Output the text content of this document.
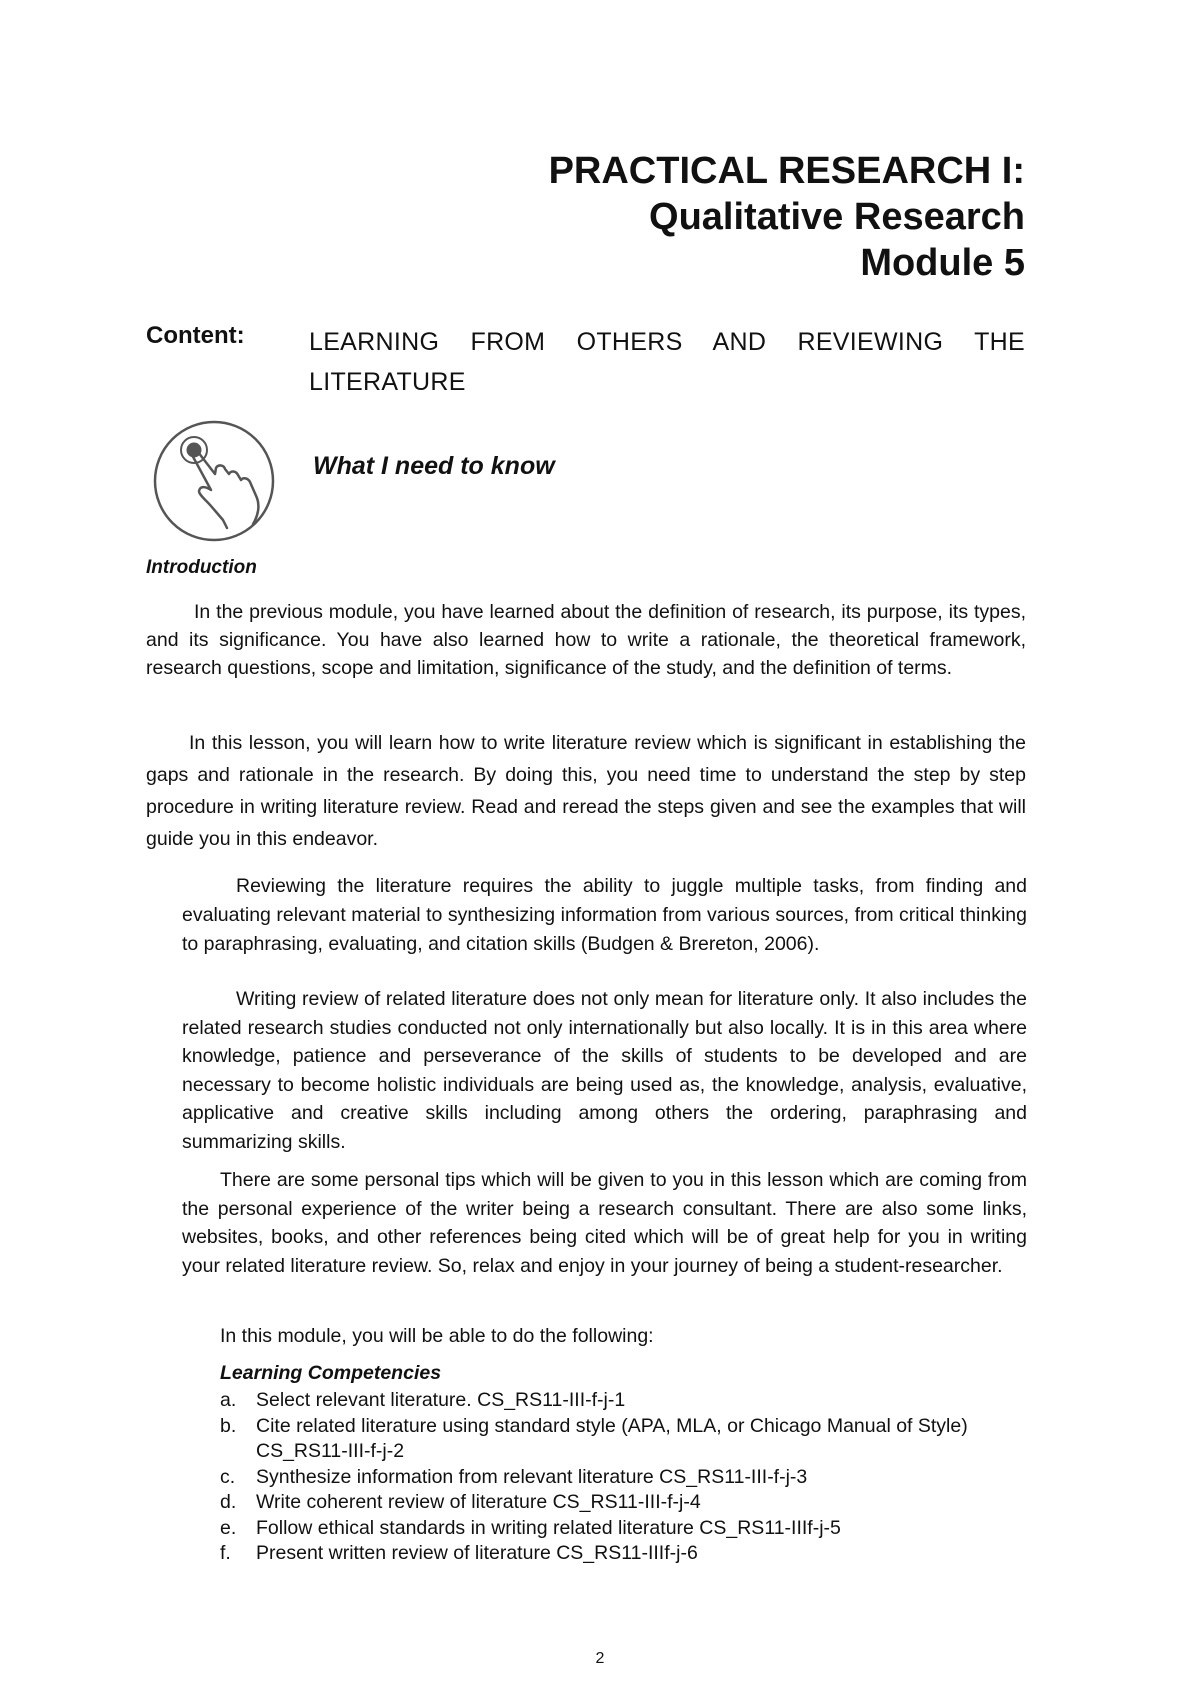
PRACTICAL RESEARCH I:
Qualitative Research
Module 5
Content:	LEARNING FROM OTHERS AND REVIEWING THE LITERATURE
What I need to know
Introduction

In the previous module, you have learned about the definition of research, its purpose, its types, and its significance. You have also learned how to write a rationale, the theoretical framework, research questions, scope and limitation, significance of the study, and the definition of terms.

In this lesson, you will learn how to write literature review which is significant in establishing the gaps and rationale in the research. By doing this, you need time to understand the step by step procedure in writing literature review. Read and reread the steps given and see the examples that will guide you in this endeavor.

Reviewing the literature requires the ability to juggle multiple tasks, from finding and evaluating relevant material to synthesizing information from various sources, from critical thinking to paraphrasing, evaluating, and citation skills (Budgen & Brereton, 2006).

Writing review of related literature does not only mean for literature only. It also includes the related research studies conducted not only internationally but also locally. It is in this area where knowledge, patience and perseverance of the skills of students to be developed and are necessary to become holistic individuals are being used as, the knowledge, analysis, evaluative, applicative and creative skills including among others the ordering, paraphrasing and summarizing skills.

There are some personal tips which will be given to you in this lesson which are coming from the personal experience of the writer being a research consultant. There are also some links, websites, books, and other references being cited which will be of great help for you in writing your related literature review. So, relax and enjoy in your journey of being a student-researcher.

In this module, you will be able to do the following:

Learning Competencies
a.	Select relevant literature. CS_RS11-III-f-j-1
b.	Cite related literature using standard style (APA, MLA, or Chicago Manual of Style) CS_RS11-III-f-j-2
c.	Synthesize information from relevant literature CS_RS11-III-f-j-3
d.	Write coherent review of literature CS_RS11-III-f-j-4
e.	Follow ethical standards in writing related literature CS_RS11-IIIf-j-5
f.	Present written review of literature CS_RS11-IIIf-j-6
2
